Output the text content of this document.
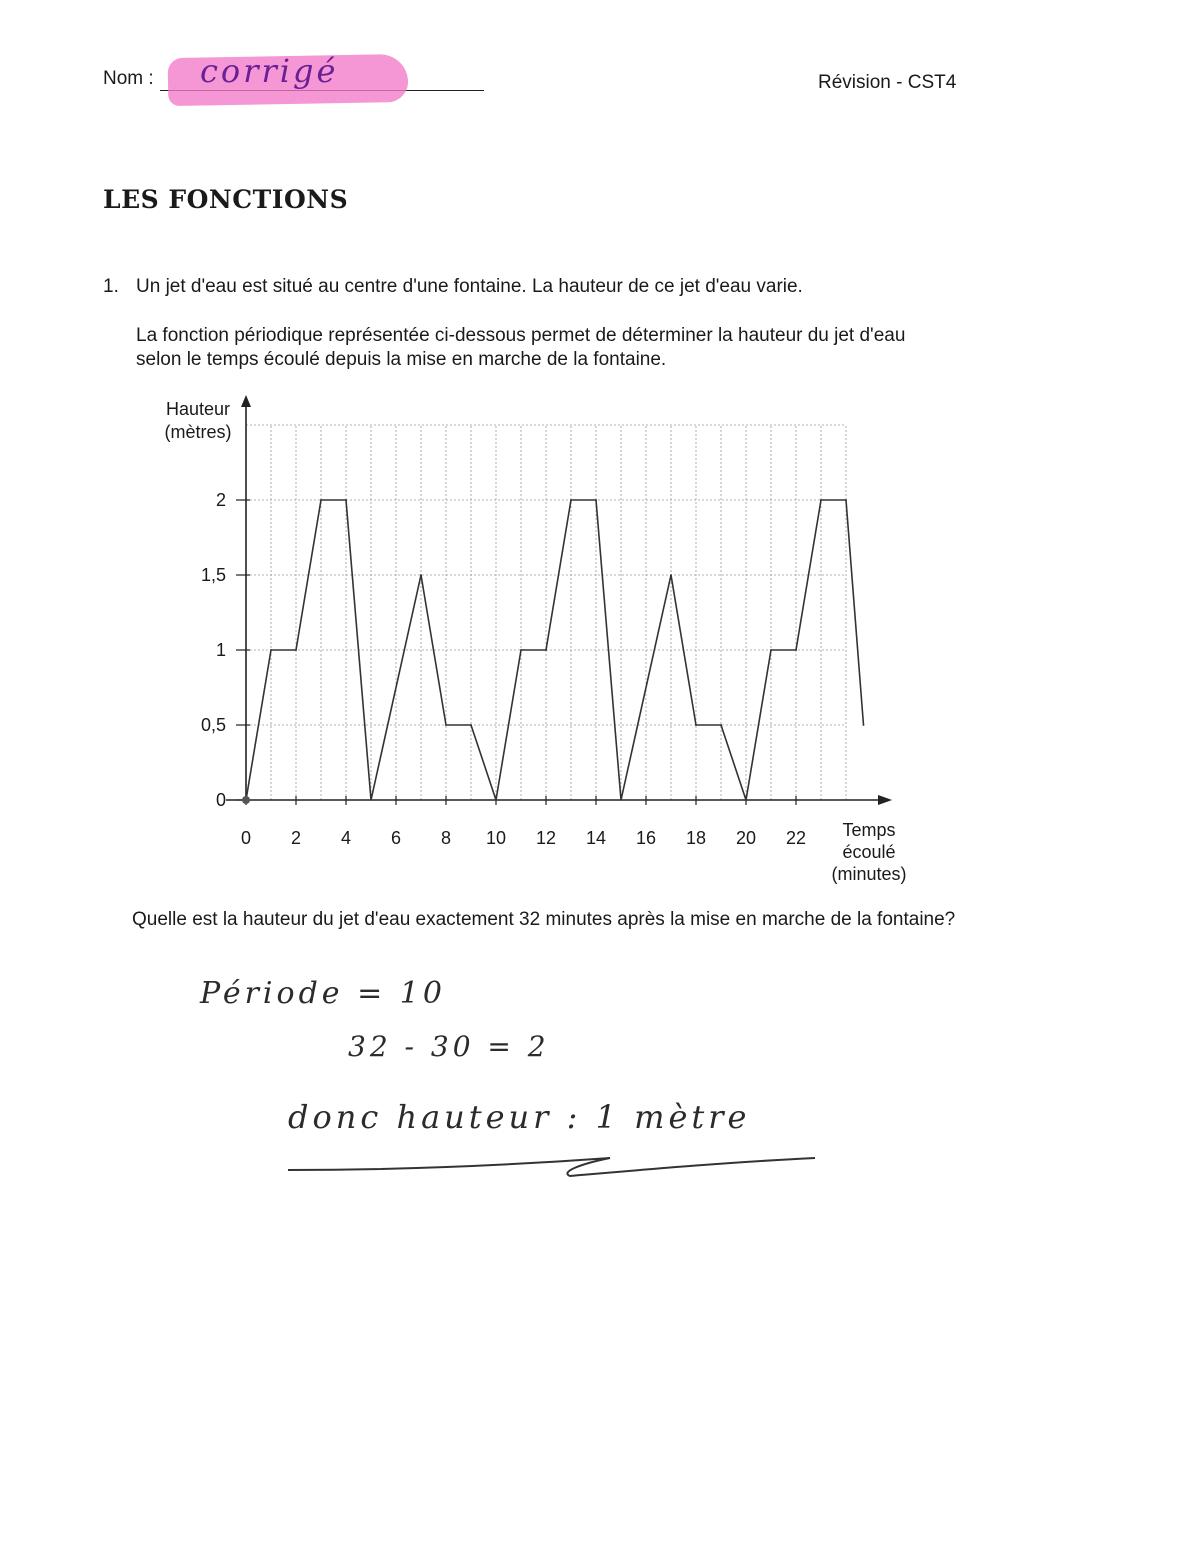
Nom : corrigé	Révision - CST4
LES FONCTIONS
1. Un jet d'eau est situé au centre d'une fontaine. La hauteur de ce jet d'eau varie.
La fonction périodique représentée ci-dessous permet de déterminer la hauteur du jet d'eau selon le temps écoulé depuis la mise en marche de la fontaine.
0 2 4 6 8 10 12 14 16 18 20 22
0
0,5
1
1,5
2
Hauteur
(mètres)
Temps
écoulé
(minutes)
Quelle est la hauteur du jet d'eau exactement 32 minutes après la mise en marche de la fontaine?
Période = 10
32 - 30 = 2
donc hauteur : 1 mètre
